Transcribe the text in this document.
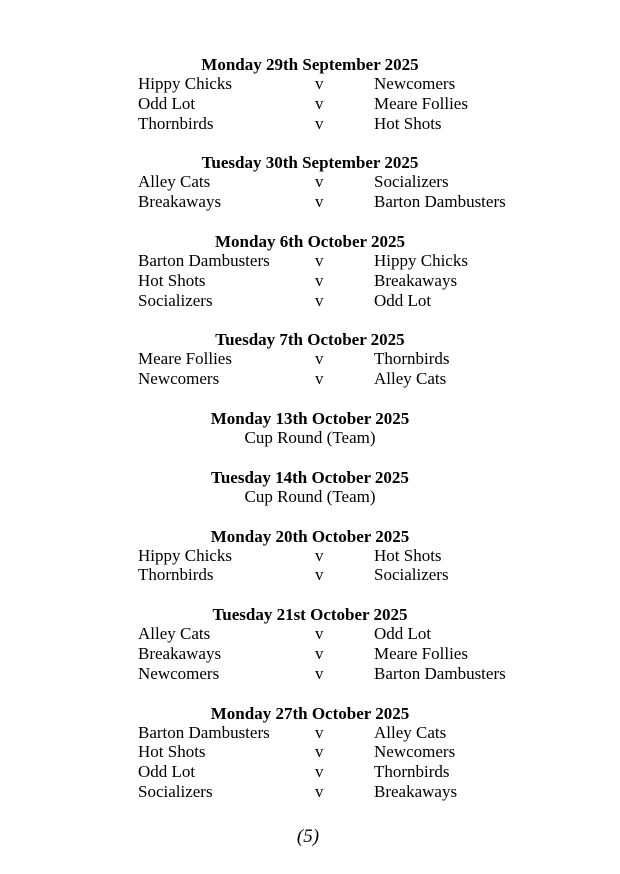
Monday 29th September 2025
Hippy Chicks	v	Newcomers
Odd Lot	v	Meare Follies
Thornbirds	v	Hot Shots
Tuesday 30th September 2025
Alley Cats	v	Socializers
Breakaways	v	Barton Dambusters
Monday 6th October 2025
Barton Dambusters	v	Hippy Chicks
Hot Shots	v	Breakaways
Socializers	v	Odd Lot
Tuesday 7th October 2025
Meare Follies	v	Thornbirds
Newcomers	v	Alley Cats
Monday 13th October 2025
Cup Round (Team)
Tuesday 14th October 2025
Cup Round (Team)
Monday 20th October 2025
Hippy Chicks	v	Hot Shots
Thornbirds	v	Socializers
Tuesday 21st October 2025
Alley Cats	v	Odd Lot
Breakaways	v	Meare Follies
Newcomers	v	Barton Dambusters
Monday 27th October 2025
Barton Dambusters	v	Alley Cats
Hot Shots	v	Newcomers
Odd Lot	v	Thornbirds
Socializers	v	Breakaways
(5)
